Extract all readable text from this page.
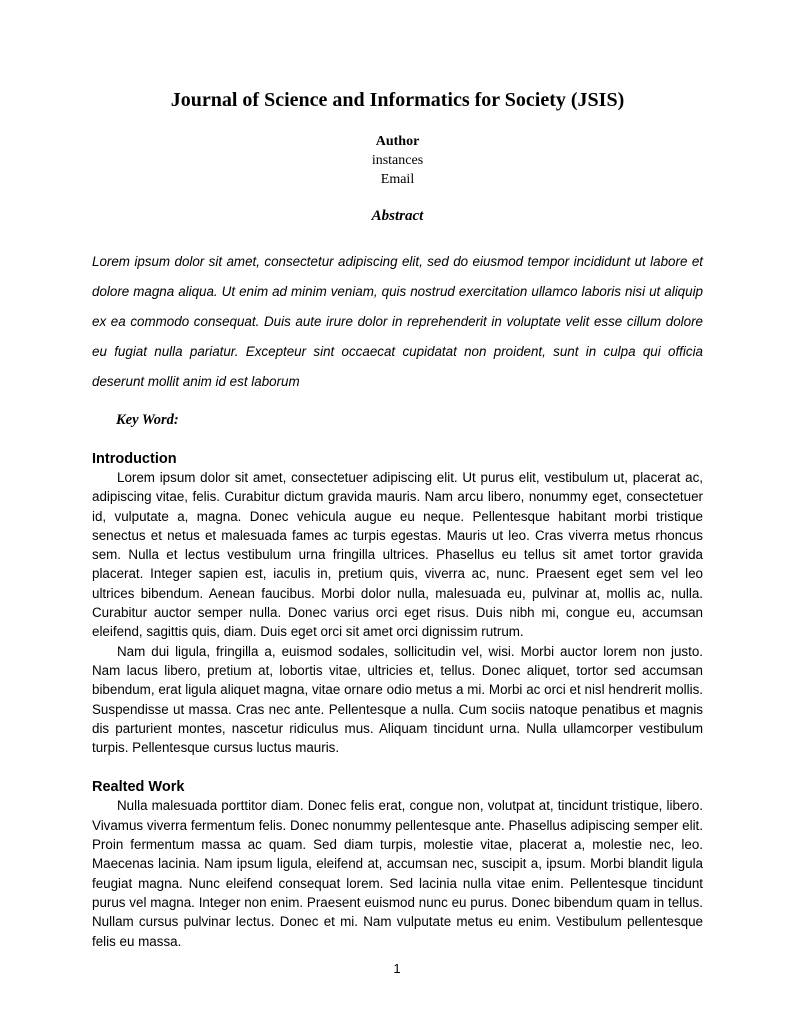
Journal of Science and Informatics for Society (JSIS)
Author
instances
Email
Abstract

Lorem ipsum dolor sit amet, consectetur adipiscing elit, sed do eiusmod tempor incididunt ut labore et dolore magna aliqua. Ut enim ad minim veniam, quis nostrud exercitation ullamco laboris nisi ut aliquip ex ea commodo consequat. Duis aute irure dolor in reprehenderit in voluptate velit esse cillum dolore eu fugiat nulla pariatur. Excepteur sint occaecat cupidatat non proident, sunt in culpa qui officia deserunt mollit anim id est laborum

Key Word:

Introduction

Lorem ipsum dolor sit amet, consectetuer adipiscing elit. Ut purus elit, vestibulum ut, placerat ac, adipiscing vitae, felis. Curabitur dictum gravida mauris. Nam arcu libero, nonummy eget, consectetuer id, vulputate a, magna. Donec vehicula augue eu neque. Pellentesque habitant morbi tristique senectus et netus et malesuada fames ac turpis egestas. Mauris ut leo. Cras viverra metus rhoncus sem. Nulla et lectus vestibulum urna fringilla ultrices. Phasellus eu tellus sit amet tortor gravida placerat. Integer sapien est, iaculis in, pretium quis, viverra ac, nunc. Praesent eget sem vel leo ultrices bibendum. Aenean faucibus. Morbi dolor nulla, malesuada eu, pulvinar at, mollis ac, nulla. Curabitur auctor semper nulla. Donec varius orci eget risus. Duis nibh mi, congue eu, accumsan eleifend, sagittis quis, diam. Duis eget orci sit amet orci dignissim rutrum.

Nam dui ligula, fringilla a, euismod sodales, sollicitudin vel, wisi. Morbi auctor lorem non justo. Nam lacus libero, pretium at, lobortis vitae, ultricies et, tellus. Donec aliquet, tortor sed accumsan bibendum, erat ligula aliquet magna, vitae ornare odio metus a mi. Morbi ac orci et nisl hendrerit mollis. Suspendisse ut massa. Cras nec ante. Pellentesque a nulla. Cum sociis natoque penatibus et magnis dis parturient montes, nascetur ridiculus mus. Aliquam tincidunt urna. Nulla ullamcorper vestibulum turpis. Pellentesque cursus luctus mauris.

Realted Work

Nulla malesuada porttitor diam. Donec felis erat, congue non, volutpat at, tincidunt tristique, libero. Vivamus viverra fermentum felis. Donec nonummy pellentesque ante. Phasellus adipiscing semper elit. Proin fermentum massa ac quam. Sed diam turpis, molestie vitae, placerat a, molestie nec, leo. Maecenas lacinia. Nam ipsum ligula, eleifend at, accumsan nec, suscipit a, ipsum. Morbi blandit ligula feugiat magna. Nunc eleifend consequat lorem. Sed lacinia nulla vitae enim. Pellentesque tincidunt purus vel magna. Integer non enim. Praesent euismod nunc eu purus. Donec bibendum quam in tellus. Nullam cursus pulvinar lectus. Donec et mi. Nam vulputate metus eu enim. Vestibulum pellentesque felis eu massa.

1
